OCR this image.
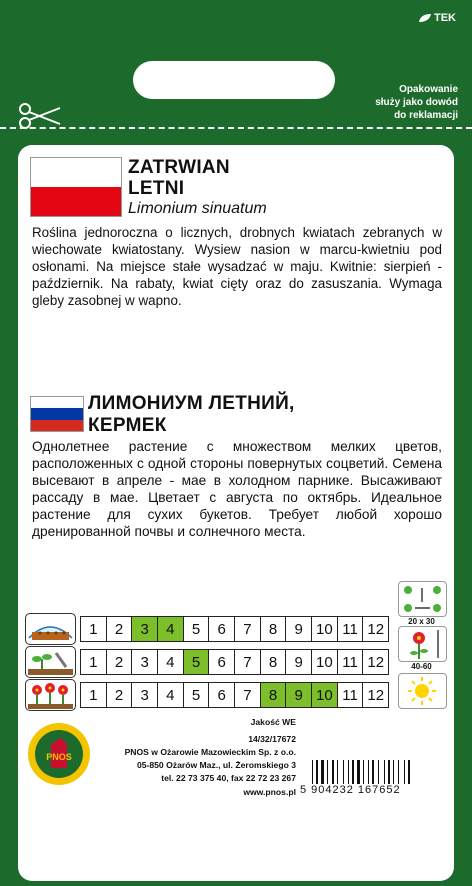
TEK
Opakowanie
służy jako dowód
do reklamacji
ZATRWIAN
LETNI
Limonium sinuatum
Roślina jednoroczna o licznych, drobnych kwiatach zebranych w wiechowate kwiatostany. Wysiew nasion w marcu-kwietniu pod osłonami. Na miejsce stałe wysadzać w maju. Kwitnie: sierpień - październik. Na rabaty, kwiat cięty oraz do zasuszania. Wymaga gleby zasobnej w wapno.
ЛИМОНИУМ ЛЕТНИЙ,
КЕРМЕК
Однолетнее растение с множеством мелких цветов, расположенных с одной стороны повернутых соцветий. Семена высевают в апреле - мае в холодном парнике. Высаживают рассаду в мае. Цветает с августа по октябрь. Идеальное растение для сухих букетов. Требует любой хорошо дренированной почвы и солнечного места.
1	2	3	4	5	6	7	8	9 10 11 12
1	2	3	4	5	6	7	8	9 10 11 12
1	2	3	4	5	6	7	8	9 10 11 12
20 x 30
40-60
PNOS
Jakość WE
14/32/17672
PNOS w Ożarowie Mazowieckim Sp. z o.o.
05-850 Ożarów Maz., ul. Żeromskiego 3
tel. 22 73 375 40, fax 22 72 23 267
www.pnos.pl 5 904232 167652
